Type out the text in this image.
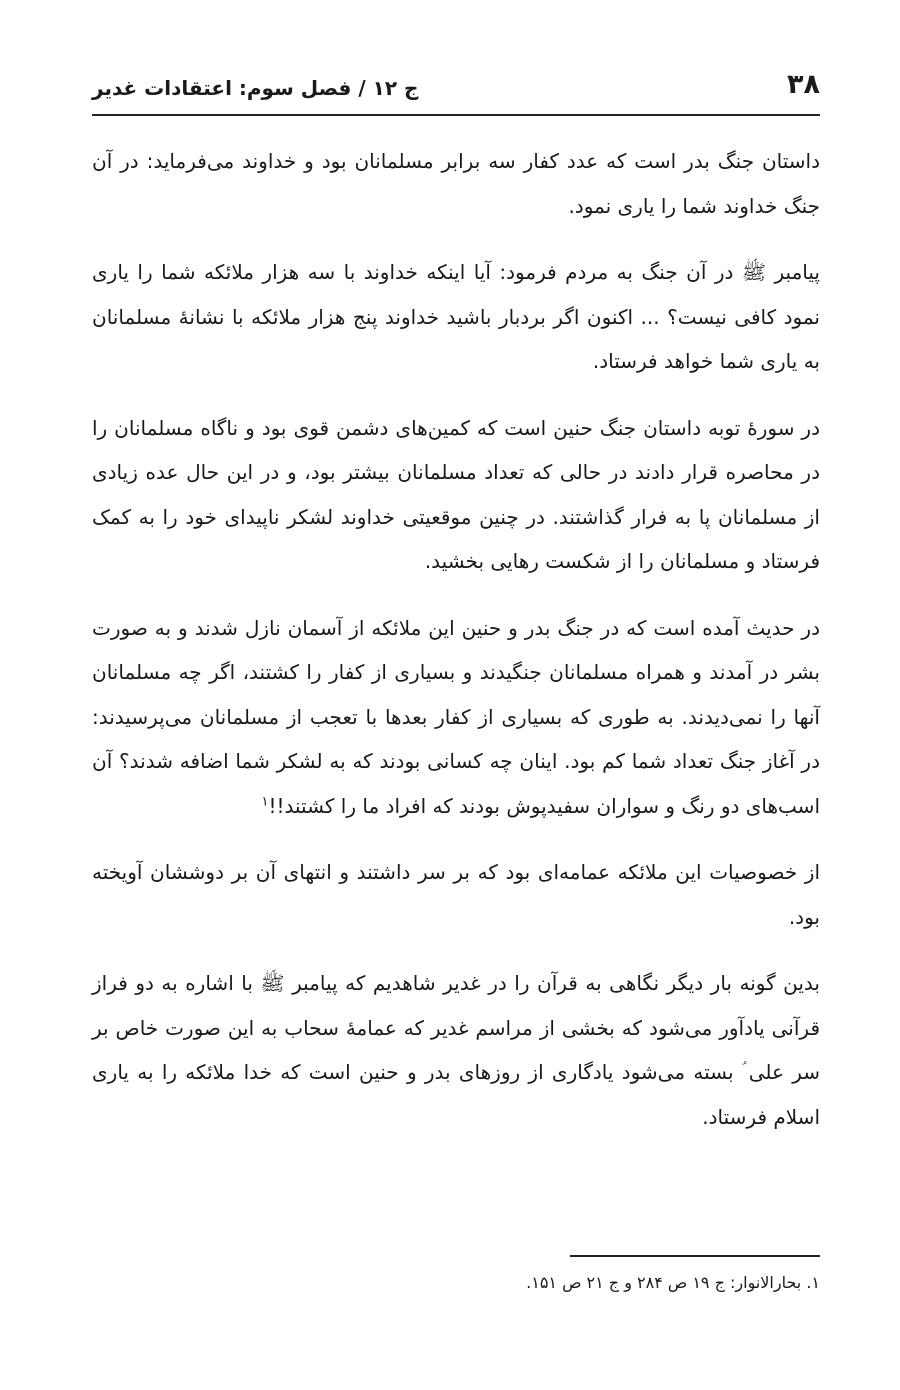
۳۸
ج ۱۲ / فصل سوم: اعتقادات غدیر

داستان جنگ بدر است که عدد کفار سه برابر مسلمانان بود و خداوند می‌فرماید: در آن جنگ خداوند شما را یاری نمود.

پیامبر ﷺ در آن جنگ به مردم فرمود: آیا اینکه خداوند با سه هزار ملائکه شما را یاری نمود کافی نیست؟ ... اکنون اگر بردبار باشید خداوند پنج هزار ملائکه با نشانهٔ مسلمانان به یاری شما خواهد فرستاد.

در سورهٔ توبه داستان جنگ حنین است که کمین‌های دشمن قوی بود و ناگاه مسلمانان را در محاصره قرار دادند در حالی که تعداد مسلمانان بیشتر بود، و در این حال عده زیادی از مسلمانان پا به فرار گذاشتند. در چنین موقعیتی خداوند لشکر ناپیدای خود را به کمک فرستاد و مسلمانان را از شکست رهایی بخشید.

در حدیث آمده است که در جنگ بدر و حنین این ملائکه از آسمان نازل شدند و به صورت بشر در آمدند و همراه مسلمانان جنگیدند و بسیاری از کفار را کشتند، اگر چه مسلمانان آنها را نمی‌دیدند. به طوری که بسیاری از کفار بعدها با تعجب از مسلمانان می‌پرسیدند: در آغاز جنگ تعداد شما کم بود. اینان چه کسانی بودند که به لشکر شما اضافه شدند؟ آن اسب‌های دو رنگ و سواران سفیدپوش بودند که افراد ما را کشتند!!$^۱$

از خصوصیات این ملائکه عمامه‌ای بود که بر سر داشتند و انتهای آن بر دوششان آویخته بود.

بدین گونه بار دیگر نگاهی به قرآن را در غدیر شاهدیم که پیامبر ﷺ با اشاره به دو فراز قرآنی یادآور می‌شود که بخشی از مراسم غدیر که عمامهٔ سحاب به این صورت خاص بر سر علی ؑ بسته می‌شود یادگاری از روزهای بدر و حنین است که خدا ملائکه را به یاری اسلام فرستاد.

۱. بحارالانوار: ج ۱۹ ص ۲۸۴ و ج ۲۱ ص ۱۵۱.
